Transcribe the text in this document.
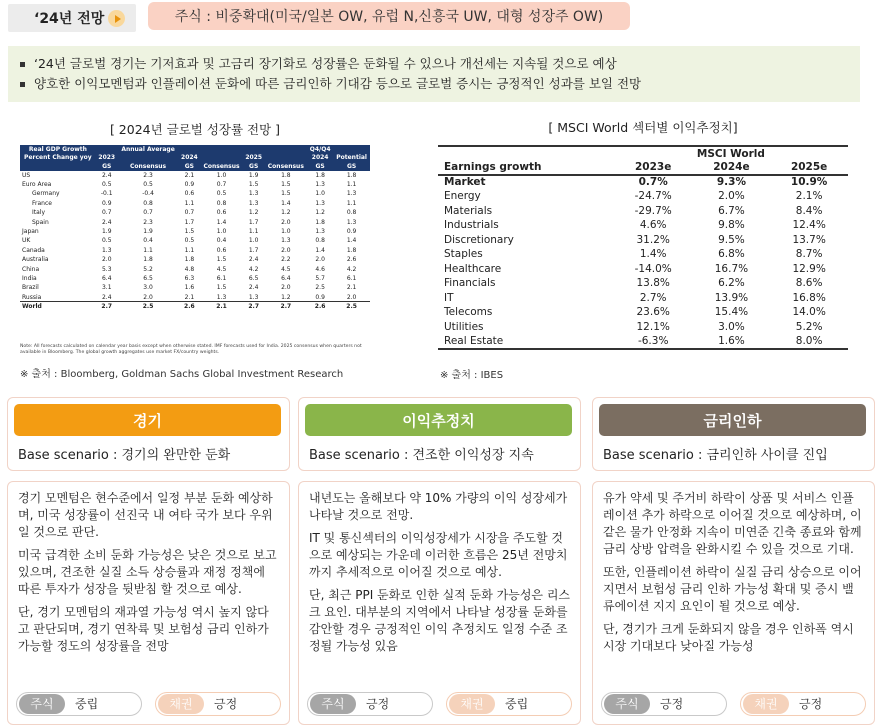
‘24년 전망	주식 : 비중확대(미국/일본 OW, 유럽 N,신흥국 UW, 대형 성장주 OW)
‘24년 글로벌 경기는 기저효과 및 고금리 장기화로 성장률은 둔화될 수 있으나 개선세는 지속될 것으로 예상
양호한 이익모멘텀과 인플레이션 둔화에 따른 금리인하 기대감 등으로 글로벌 증시는 긍정적인 성과를 보일 전망
[ 2024년 글로벌 성장률 전망 ]	[ MSCI World 섹터별 이익추정치]
Real GDP Growth		Annual Average					Q4/Q4	
Percent Change yoy	2023		2024		2025		2024	Potential
	GS	Consensus	GS	Consensus	GS	Consensus	GS	GS
US	2.4	2.3	2.1	1.0	1.9	1.8	1.8	1.8
Euro Area	0.5	0.5	0.9	0.7	1.5	1.5	1.3	1.1
Germany	-0.1	-0.4	0.6	0.5	1.3	1.5	1.0	1.3
France	0.9	0.8	1.1	0.8	1.3	1.4	1.3	1.1
Italy	0.7	0.7	0.7	0.6	1.2	1.2	1.2	0.8
Spain	2.4	2.3	1.7	1.4	1.7	2.0	1.8	1.3
Japan	1.9	1.9	1.5	1.0	1.1	1.0	1.3	0.9
UK	0.5	0.4	0.5	0.4	1.0	1.3	0.8	1.4
Canada	1.3	1.1	1.1	0.6	1.7	2.0	1.4	1.8
Australia	2.0	1.8	1.8	1.5	2.4	2.2	2.0	2.6
China	5.3	5.2	4.8	4.5	4.2	4.5	4.6	4.2
India	6.4	6.5	6.3	6.1	6.5	6.4	5.7	6.1
Brazil	3.1	3.0	1.6	1.5	2.4	2.0	2.5	2.1
Russia	2.4	2.0	2.1	1.3	1.3	1.2	0.9	2.0
World	2.7	2.5	2.6	2.1	2.7	2.7	2.6	2.5
Note: All forecasts calculated on calendar year basis except when otherwise stated. IMF forecasts used for India. 2025 consensus when quarters not available in Bloomberg. The global growth aggregates use market FX/country weights.
※ 출처 : Bloomberg, Goldman Sachs Global Investment Research
	MSCI World		
Earnings growth	2023e	2024e	2025e
Market	0.7%	9.3%	10.9%
Energy	-24.7%	2.0%	2.1%
Materials	-29.7%	6.7%	8.4%
Industrials	4.6%	9.8%	12.4%
Discretionary	31.2%	9.5%	13.7%
Staples	1.4%	6.8%	8.7%
Healthcare	-14.0%	16.7%	12.9%
Financials	13.8%	6.2%	8.6%
IT	2.7%	13.9%	16.8%
Telecoms	23.6%	15.4%	14.0%
Utilities	12.1%	3.0%	5.2%
Real Estate	-6.3%	1.6%	8.0%
※ 출처 : IBES
경기
Base scenario : 경기의 완만한 둔화

경기 모멘텀은 현수준에서 일정 부분 둔화 예상하며, 미국 성장률이 선진국 내 여타 국가 보다 우위일 것으로 판단.

미국 급격한 소비 둔화 가능성은 낮은 것으로 보고 있으며, 견조한 실질 소득 상승률과 재정 정책에 따른 투자가 성장을 뒷받침 할 것으로 예상.

단, 경기 모멘텀의 재과열 가능성 역시 높지 않다고 판단되며, 경기 연착륙 및 보험성 금리 인하가 가능할 정도의 성장률을 전망

주식	중립	채권	긍정
이익추정치
Base scenario : 견조한 이익성장 지속

내년도는 올해보다 약 10% 가량의 이익 성장세가 나타날 것으로 전망.

IT 및 통신섹터의 이익성장세가 시장을 주도할 것으로 예상되는 가운데 이러한 흐름은 25년 전망치까지 추세적으로 이어질 것으로 예상.

단, 최근 PPI 둔화로 인한 실적 둔화 가능성은 리스크 요인. 대부분의 지역에서 나타날 성장률 둔화를 감안할 경우 긍정적인 이익 추정치도 일정 수준 조정될 가능성 있음

주식	긍정	채권	중립
금리인하
Base scenario : 금리인하 사이클 진입

유가 약세 및 주거비 하락이 상품 및 서비스 인플레이션 추가 하락으로 이어질 것으로 예상하며, 이 같은 물가 안정화 지속이 미연준 긴축 종료와 함께 금리 상방 압력을 완화시킬 수 있을 것으로 기대.

또한, 인플레이션 하락이 실질 금리 상승으로 이어지면서 보험성 금리 인하 가능성 확대 및 증시 밸류에이션 지지 요인이 될 것으로 예상.

단, 경기가 크게 둔화되지 않을 경우 인하폭 역시 시장 기대보다 낮아질 가능성

주식	긍정	채권	긍정
